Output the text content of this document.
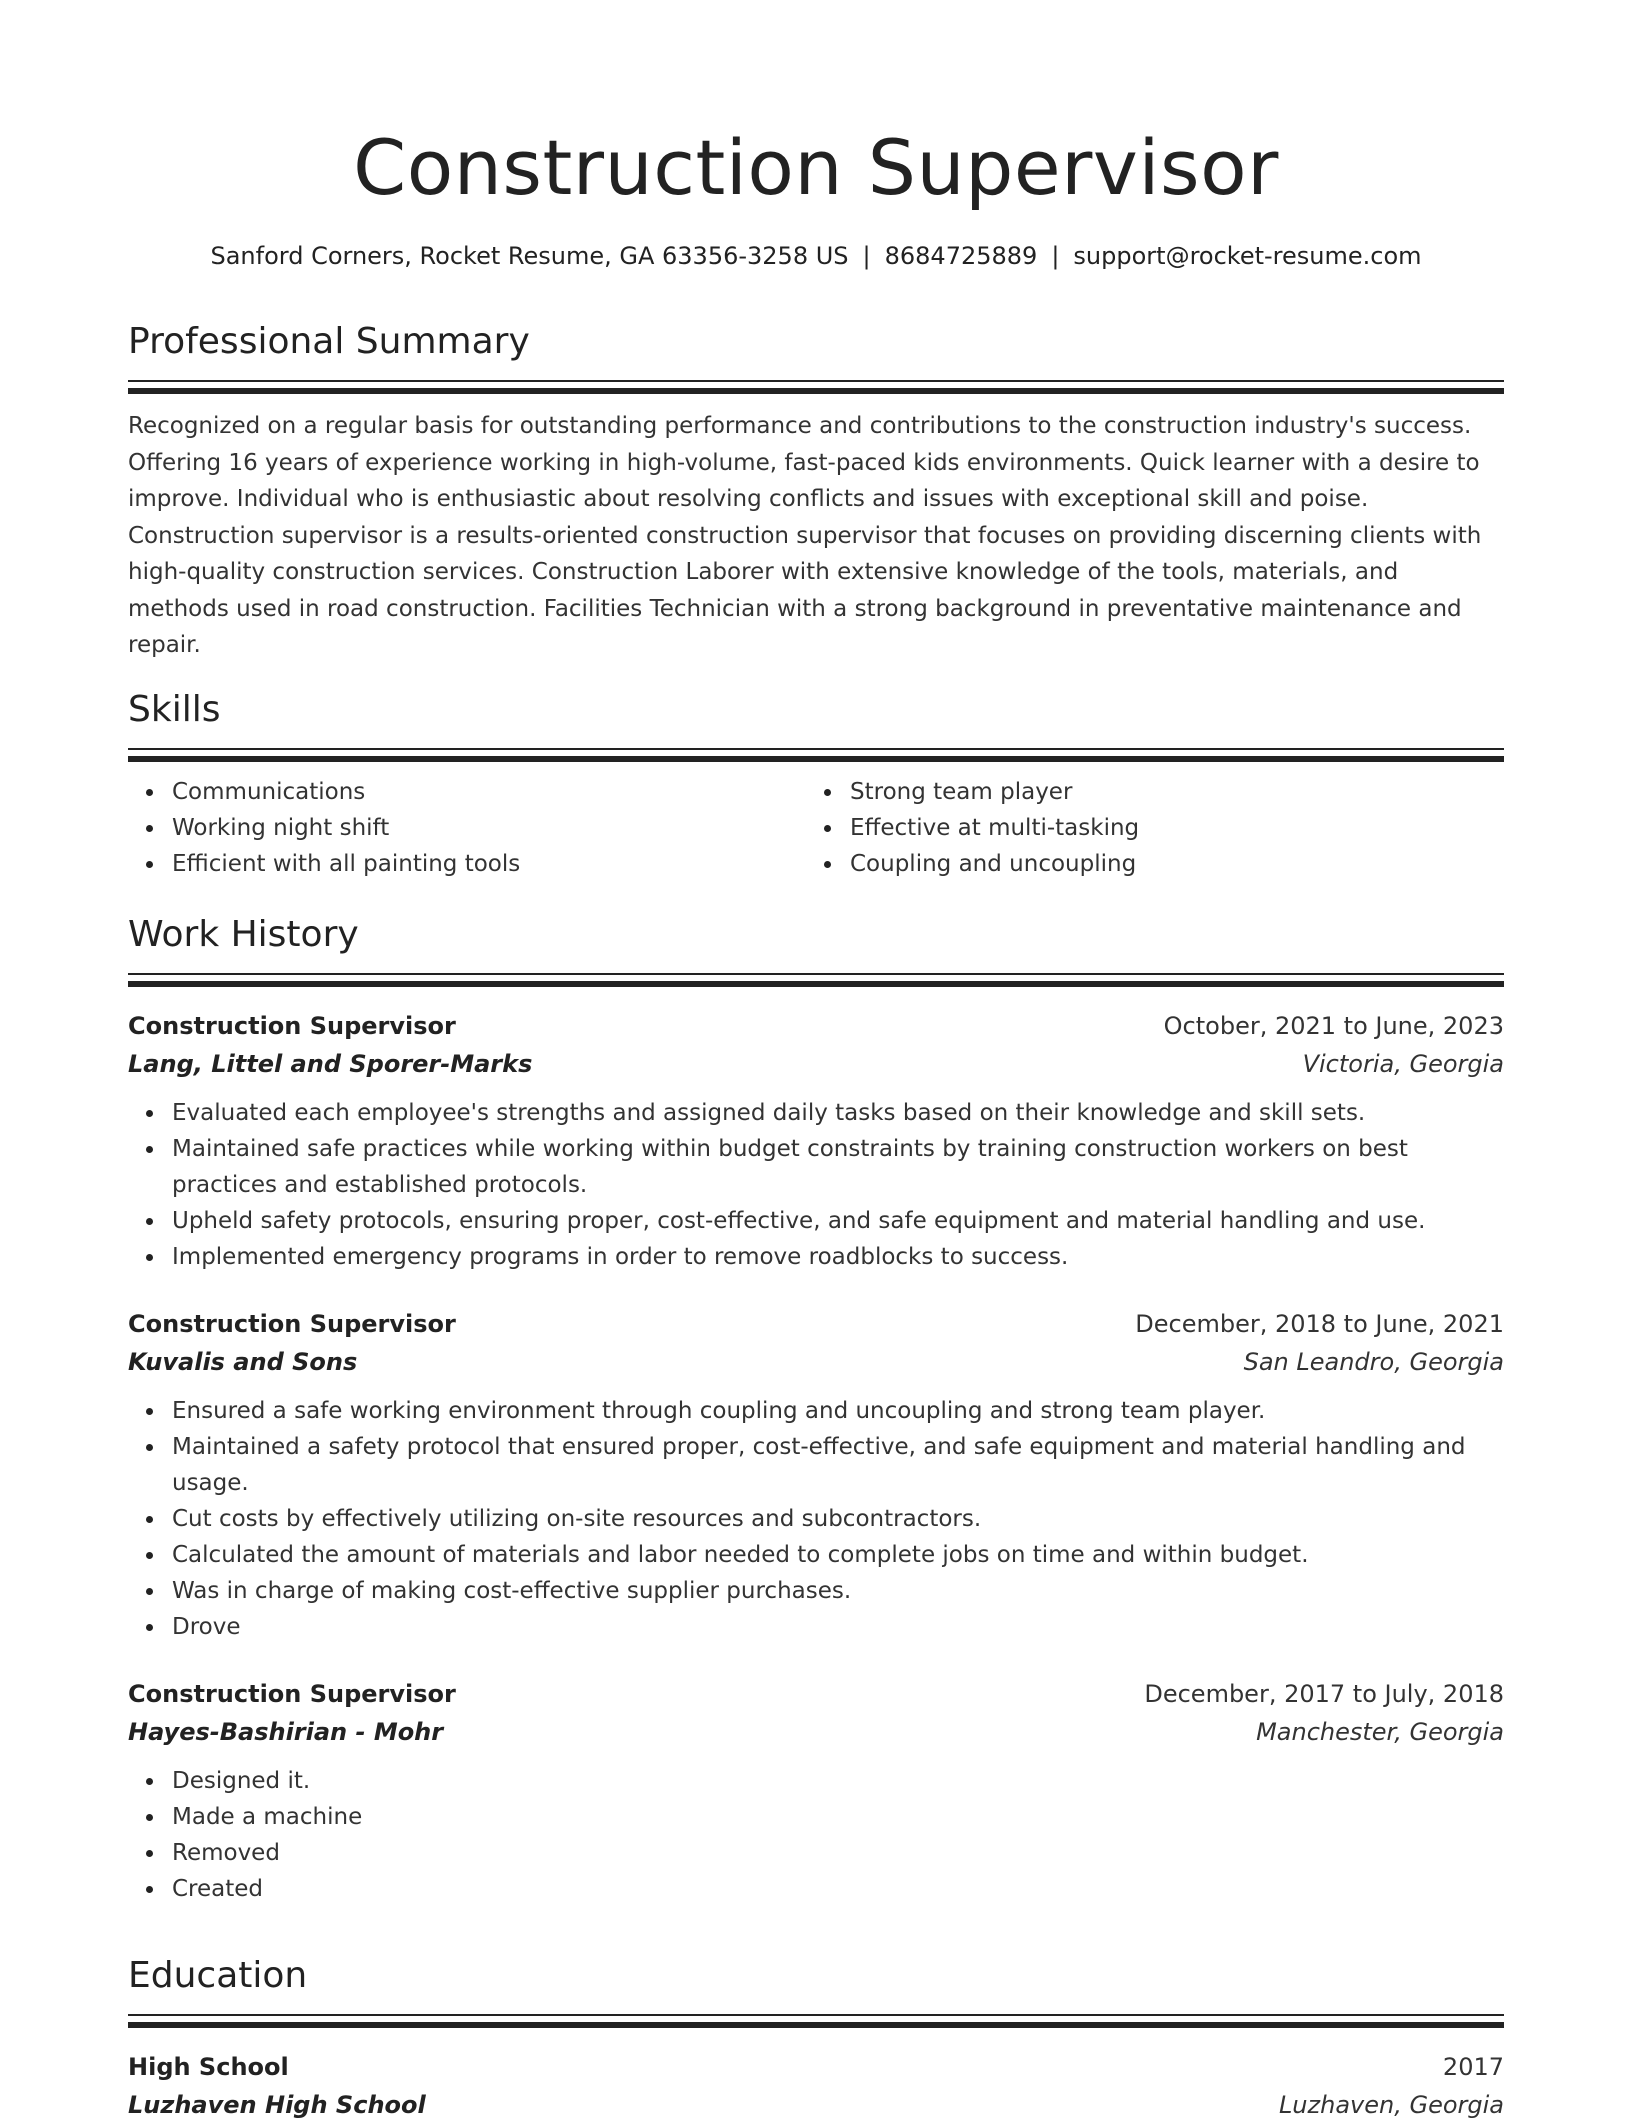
Construction Supervisor
Sanford Corners, Rocket Resume, GA 63356-3258 US | 8684725889 | support@rocket-resume.com
Professional Summary
Recognized on a regular basis for outstanding performance and contributions to the construction industry's success. Offering 16 years of experience working in high-volume, fast-paced kids environments. Quick learner with a desire to improve. Individual who is enthusiastic about resolving conflicts and issues with exceptional skill and poise. Construction supervisor is a results-oriented construction supervisor that focuses on providing discerning clients with high-quality construction services. Construction Laborer with extensive knowledge of the tools, materials, and methods used in road construction. Facilities Technician with a strong background in preventative maintenance and repair.
Skills
Communications
Working night shift
Efficient with all painting tools
Strong team player
Effective at multi-tasking
Coupling and uncoupling
Work History
Construction Supervisor	October, 2021 to June, 2023
Lang, Littel and Sporer-Marks	Victoria, Georgia
Evaluated each employee's strengths and assigned daily tasks based on their knowledge and skill sets.
Maintained safe practices while working within budget constraints by training construction workers on best practices and established protocols.
Upheld safety protocols, ensuring proper, cost-effective, and safe equipment and material handling and use.
Implemented emergency programs in order to remove roadblocks to success.
Construction Supervisor	December, 2018 to June, 2021
Kuvalis and Sons	San Leandro, Georgia
Ensured a safe working environment through coupling and uncoupling and strong team player.
Maintained a safety protocol that ensured proper, cost-effective, and safe equipment and material handling and usage.
Cut costs by effectively utilizing on-site resources and subcontractors.
Calculated the amount of materials and labor needed to complete jobs on time and within budget.
Was in charge of making cost-effective supplier purchases.
Drove
Construction Supervisor	December, 2017 to July, 2018
Hayes-Bashirian - Mohr	Manchester, Georgia
Designed it.
Made a machine
Removed
Created
Education
High School	2017
Luzhaven High School	Luzhaven, Georgia
